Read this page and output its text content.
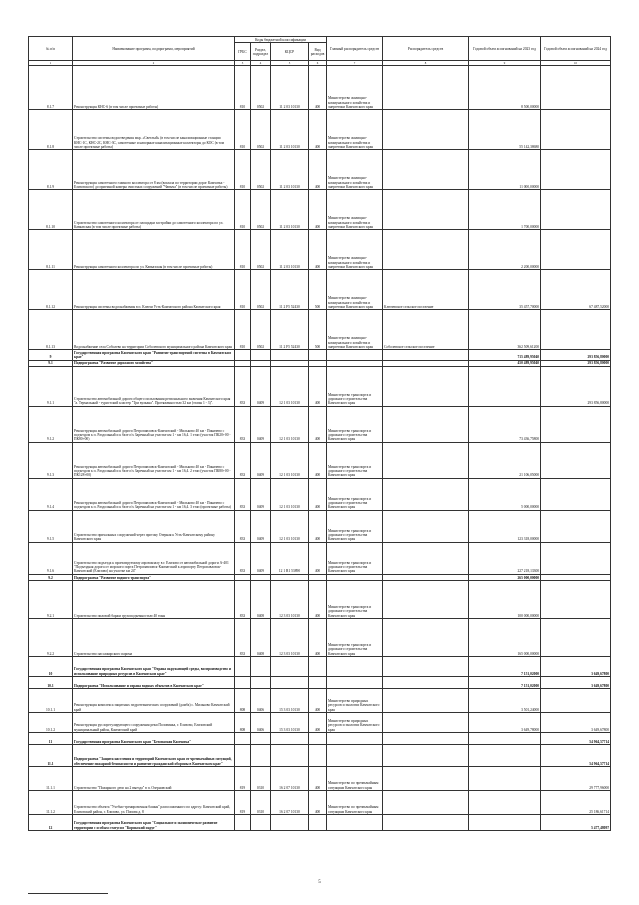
№ п/п	Наименование программ, подпрограмм, мероприятий	Коды бюджетной классификации				Главный распорядитель средств	Распорядитель средств	Годовой объем ассигнований на 2023 год	Годовой объем ассигнований на 2024 год
		ГРБС	Раздел, подраздел	КЦСР	Вид расходов				
1	2	3	4	5	6	7	8	9	10
8.1.7	Реконструкция КНС-6 (в том числе проектные работы)	810	0502	11 2 03 10130	400	Министерство жилищно-коммунального хозяйства и энергетики Камчатского края		8 500,00000	
8.1.8	Строительство системы водоотведения мкр. «Светлый» (в том числе канализационные станции КНС-1С, КНС-2С, КНС-3С, самотечные и напорные канализационные коллекторы до КОС (в том числе проектные работы)	810	0502	11 2 03 10130	400	Министерство жилищно-коммунального хозяйства и энергетики Камчатского края		55 142,38680	
8.1.9	Реконструкция самотечного главного коллектора от 8 км (вокзала по территории дорог Камчатка - Елизовского) до приемной камеры очистных сооружений "Чавыча" (в том числе проектные работы)	810	0502	11 2 03 10130	400	Министерство жилищно-коммунального хозяйства и энергетики Камчатского края		11 000,00000	
8.1.10	Строительство самотечного коллектора от площадки застройки до самотечного коллектора по ул. Кавказская (в том числе проектные работы)	810	0502	11 2 03 10130	400	Министерство жилищно-коммунального хозяйства и энергетики Камчатского края		1 700,00000	
8.1.11	Реконструкция самотечного коллектора по ул. Кавказская (в том числе проектные работы)	810	0502	11 2 03 10130	400	Министерство жилищно-коммунального хозяйства и энергетики Камчатского края		2 200,00000	
8.1.12	Реконструкция системы водоснабжения в п. Ключи Усть-Камчатского района Камчатского края	810	0502	11 2 F5 52430	500	Министерство жилищно-коммунального хозяйства и энергетики Камчатского края	Ключевское сельское поселение	35 457,70000	67 487,52000
8.1.13	Водоснабжение села Соболево на территории Соболевского муниципального района Камчатского края	810	0502	11 2 F5 52430	500	Министерство жилищно-коммунального хозяйства и энергетики Камчатского края	Соболевское сельское поселение	362 509,61200	
9	Государственная программа Камчатского края "Развитие транспортной системы в Камчатском крае"							715 489,95040	293 856,80000
9.1	Подпрограмма "Развитие дорожного хозяйства"							450 489,95040	293 856,80000
9.1.1	Строительство автомобильной дороги общего пользования регионального значения Камчатского края "а. Термальный - туристский кластер "Три вулкана". Протяженностью 32 км (этапы 1 - 3)".	833	0409	12 1 03 10130	400	Министерство транспорта и дорожного строительства Камчатского края			293 856,80000
9.1.2	Реконструкция автомобильной дороги Петропавловск-Камчатский - Мильково 40 км - Пиначево с подъездом к п. Раздольный и к базе о/х Заречный на участке км 1 - км 16,4. 1 этап (участок ПК20+00 - ПК80+00)	833	0409	12 1 03 10130	400	Министерство транспорта и дорожного строительства Камчатского края		73 436,75800	
9.1.3	Реконструкция автомобильной дороги Петропавловск-Камчатский - Мильково 40 км - Пиначево с подъездом к п. Раздольный и к базе о/х Заречный на участке км 1 - км 16,4. 2 этап (участок ПК80+00 - ПК128+00)	833	0409	12 1 03 10130	400	Министерство транспорта и дорожного строительства Камчатского края		21 106,05000	
9.1.4	Реконструкция автомобильной дороги Петропавловск-Камчатский - Мильково 40 км - Пиначево с подъездом к п. Раздольный и к базе о/х Заречный на участке км 1 - км 16,4. 3 этап (проектные работы)	833	0409	12 1 03 10130	400	Министерство транспорта и дорожного строительства Камчатского края		5 000,00000	
9.1.5	Строительство причальных сооружений через протоку Озерная к Усть-Камчатскому району Камчатского края	833	0409	12 1 03 10130	400	Министерство транспорта и дорожного строительства Камчатского края		123 318,00000	
9.1.6	Строительство подъезда к проектируемому аэровокзалу в г. Елизово от автомобильной дороги А-401 "Подъездная дорога от морского порта Петропавловск-Камчатский к аэропорту Петропавловск-Камчатский (Елизово) на участке км 24"	833	0409	12 1 R1 53890	400	Министерство транспорта и дорожного строительства Камчатского края		227 218,13300	
9.2	Подпрограмма "Развитие водного транспорта"							265 000,00000	
9.2.1	Строительство пиловой баржи грузоподъемностью 40 тонн	833	0408	12 3 03 10130	400	Министерство транспорта и дорожного строительства Камчатского края		100 000,00000	
9.2.2	Строительство пассажирского парома	833	0408	12 3 03 10130	400	Министерство транспорта и дорожного строительства Камчатского края		165 000,00000	
10	Государственная программа Камчатского края "Охрана окружающей среды, воспроизводство и использование природных ресурсов в Камчатском крае"							7 151,02000	3 649,67800
10.1	Подпрограмма "Использование и охрана водных объектов в Камчатском крае"							7 151,02000	3 649,67800
10.1.1	Реконструкция комплекса защитных гидротехнических сооружений (дамба) с. Мильково Камчатский край	808	0406	15 3 03 10130	400	Министерство природных ресурсов и экологии Камчатского края		3 501,24000	
10.1.2	Реконструкция руслорегулирующего сооружения реки Половинка, г. Елизово, Елизовский муниципальный район, Камчатский край	808	0406	15 3 03 10130	400	Министерство природных ресурсов и экологии Камчатского края		3 649,78000	3 649,67800
11	Государственная программа Камчатского края "Безопасная Камчатка"								54 964,57714
11.1	Подпрограмма "Защита населения и территорий Камчатского края от чрезвычайных ситуаций, обеспечение пожарной безопасности и развитие гражданской обороны в Камчатском крае"								54 964,57714
11.1.1	Строительство "Пожарного депо на 2 выезда" в п. Озерновский	819	0310	16 2 07 10130	400	Министерство по чрезвычайным ситуациям Камчатского края			29 777,96000
11.1.2	Строительство объекта "Учебно-тренировочная башня" расположенного по адресу: Камчатский край, Елизовский район, г. Елизово, ул. Попова д. 8	819	0310	16 2 07 10130	400	Министерство по чрезвычайным ситуациям Камчатского края			25 186,61714
12	Государственная программа Камчатского края "Социальное и экономическое развитие территории с особым статусом "Корякский округ"								5 477,48097
5
